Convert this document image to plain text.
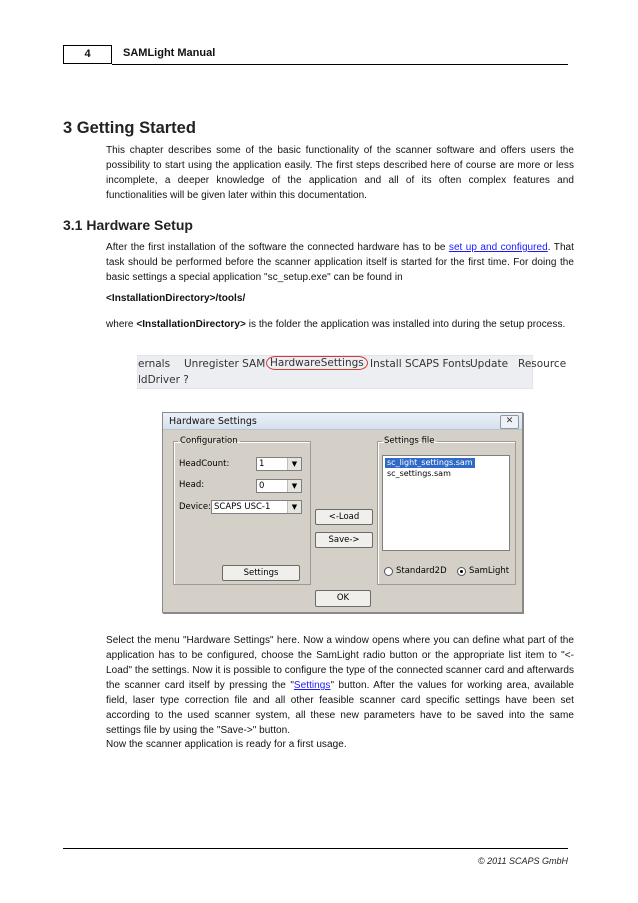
4	SAMLight Manual
3 Getting Started

This chapter describes some of the basic functionality of the scanner software and offers users the possibility to start using the application easily. The first steps described here of course are more or less incomplete, a deeper knowledge of the application and all of its often complex features and functionalities will be given later within this documentation.

3.1 Hardware Setup

After the first installation of the software the connected hardware has to be set up and configured. That task should be performed before the scanner application itself is started for the first time. For doing the basic settings a special application "sc_setup.exe" can be found in

<InstallationDirectory>/tools/

where <InstallationDirectory> is the folder the application was installed into during the setup process.

ernals Unregister SAM HardwareSettings Install SCAPS Fonts Update Resource
ldDriver ?
Hardware Settings	✕
Configuration
HeadCount:	1	▼
Head:	0	▼
Device: SCAPS USC-1	▼
Settings
<-Load
Save->
Settings file
sc_light_settings.sam
sc_settings.sam
Standard2D	SamLight
OK

Select the menu "Hardware Settings" here. Now a window opens where you can define what part of the application has to be configured, choose the SamLight radio button or the appropriate list item to "<-Load" the settings. Now it is possible to configure the type of the connected scanner card and afterwards the scanner card itself by pressing the "Settings" button. After the values for working area, available field, laser type correction file and all other feasible scanner card specific settings have been set according to the used scanner system, all these new parameters have to be saved into the same settings file by using the "Save->" button.

Now the scanner application is ready for a first usage.

© 2011 SCAPS GmbH
